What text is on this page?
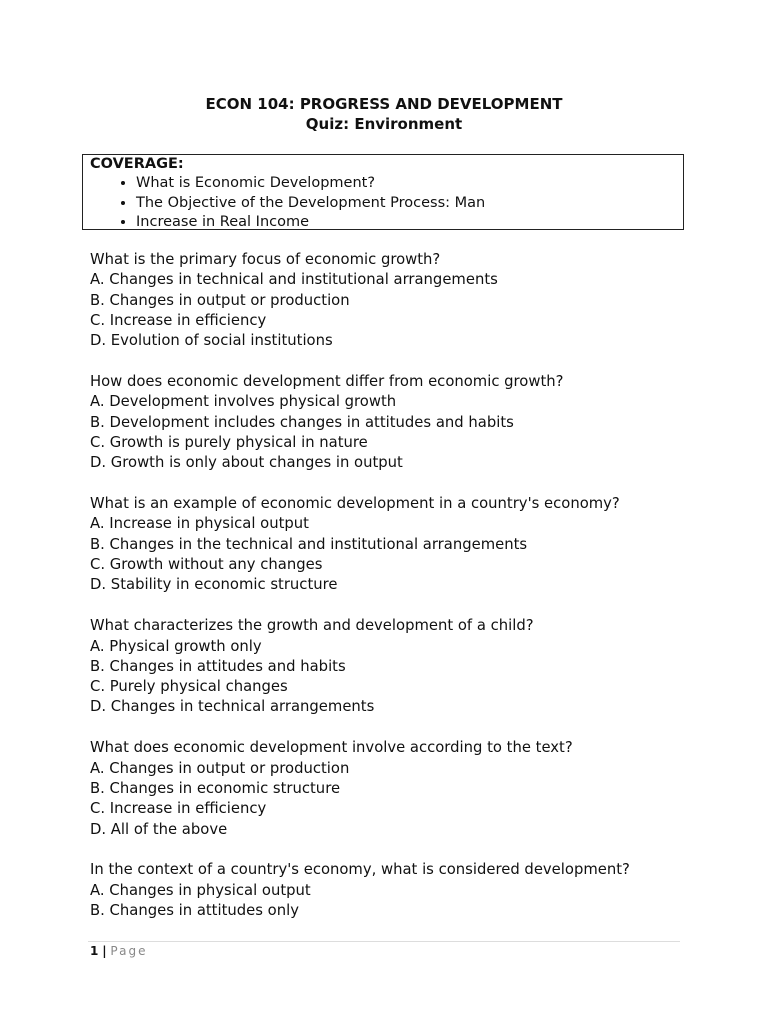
ECON 104: PROGRESS AND DEVELOPMENT
Quiz: Environment
COVERAGE:
• What is Economic Development?
• The Objective of the Development Process: Man
• Increase in Real Income
What is the primary focus of economic growth?
A. Changes in technical and institutional arrangements
B. Changes in output or production
C. Increase in efficiency
D. Evolution of social institutions
How does economic development differ from economic growth?
A. Development involves physical growth
B. Development includes changes in attitudes and habits
C. Growth is purely physical in nature
D. Growth is only about changes in output
What is an example of economic development in a country's economy?
A. Increase in physical output
B. Changes in the technical and institutional arrangements
C. Growth without any changes
D. Stability in economic structure
What characterizes the growth and development of a child?
A. Physical growth only
B. Changes in attitudes and habits
C. Purely physical changes
D. Changes in technical arrangements
What does economic development involve according to the text?
A. Changes in output or production
B. Changes in economic structure
C. Increase in efficiency
D. All of the above
In the context of a country's economy, what is considered development?
A. Changes in physical output
B. Changes in attitudes only
1 | Page
